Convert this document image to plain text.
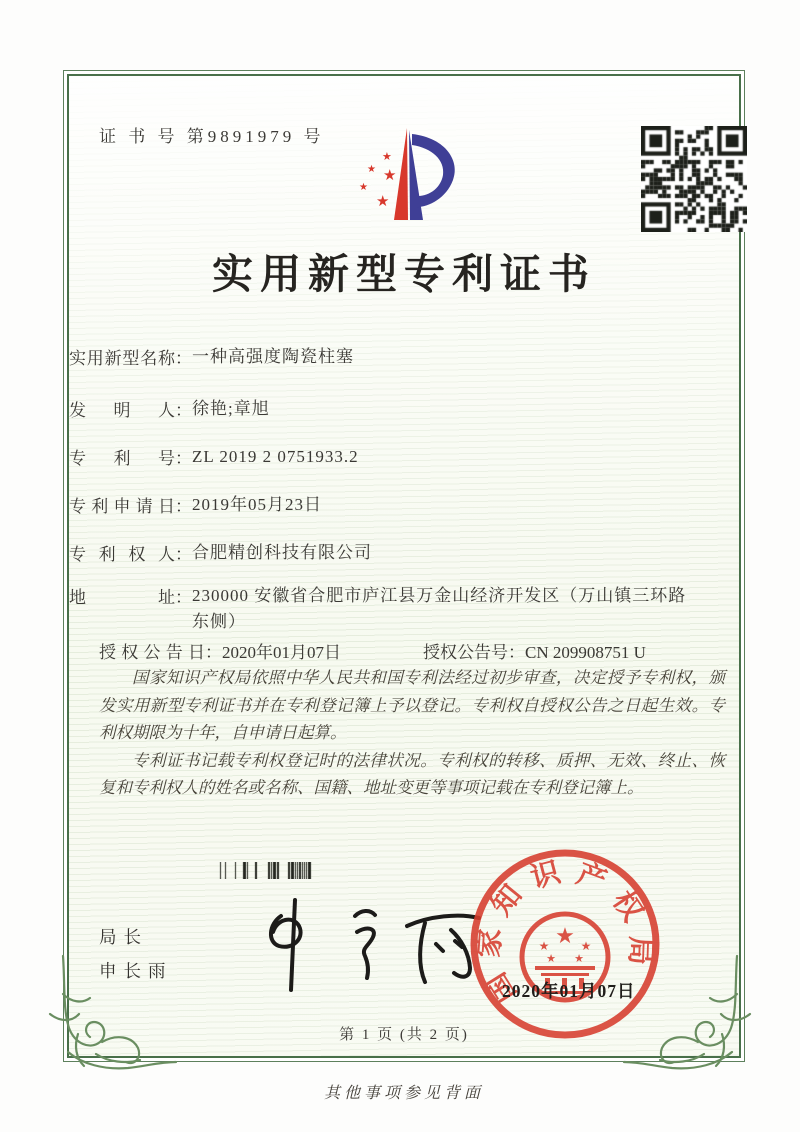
证 书 号 第9891979 号
★
★ ★
★
★
实用新型专利证书
实用新型名称 ： 一种高强度陶瓷柱塞
发明人 ： 徐艳;章旭
专利号 ： ZL 2019 2 0751933.2
专利申请日 ： 2019年05月23日
专利权人 ： 合肥精创科技有限公司
地址 ： 230000 安徽省合肥市庐江县万金山经济开发区（万山镇三环路东侧）
授权公告日：2020年01月07日	授权公告号：CN 209908751 U

国家知识产权局依照中华人民共和国专利法经过初步审查，决定授予专利权，颁发实用新型专利证书并在专利登记簿上予以登记。专利权自授权公告之日起生效。专利权期限为十年，自申请日起算。

专利证书记载专利权登记时的法律状况。专利权的转移、质押、无效、终止、恢复和专利权人的姓名或名称、国籍、地址变更等事项记载在专利登记簿上。

局长
申长雨	国
家
知
识 产
权
局
★
★	★
★ ★
2020年01月07日
第 1 页 (共 2 页)
其他事项参见背面
